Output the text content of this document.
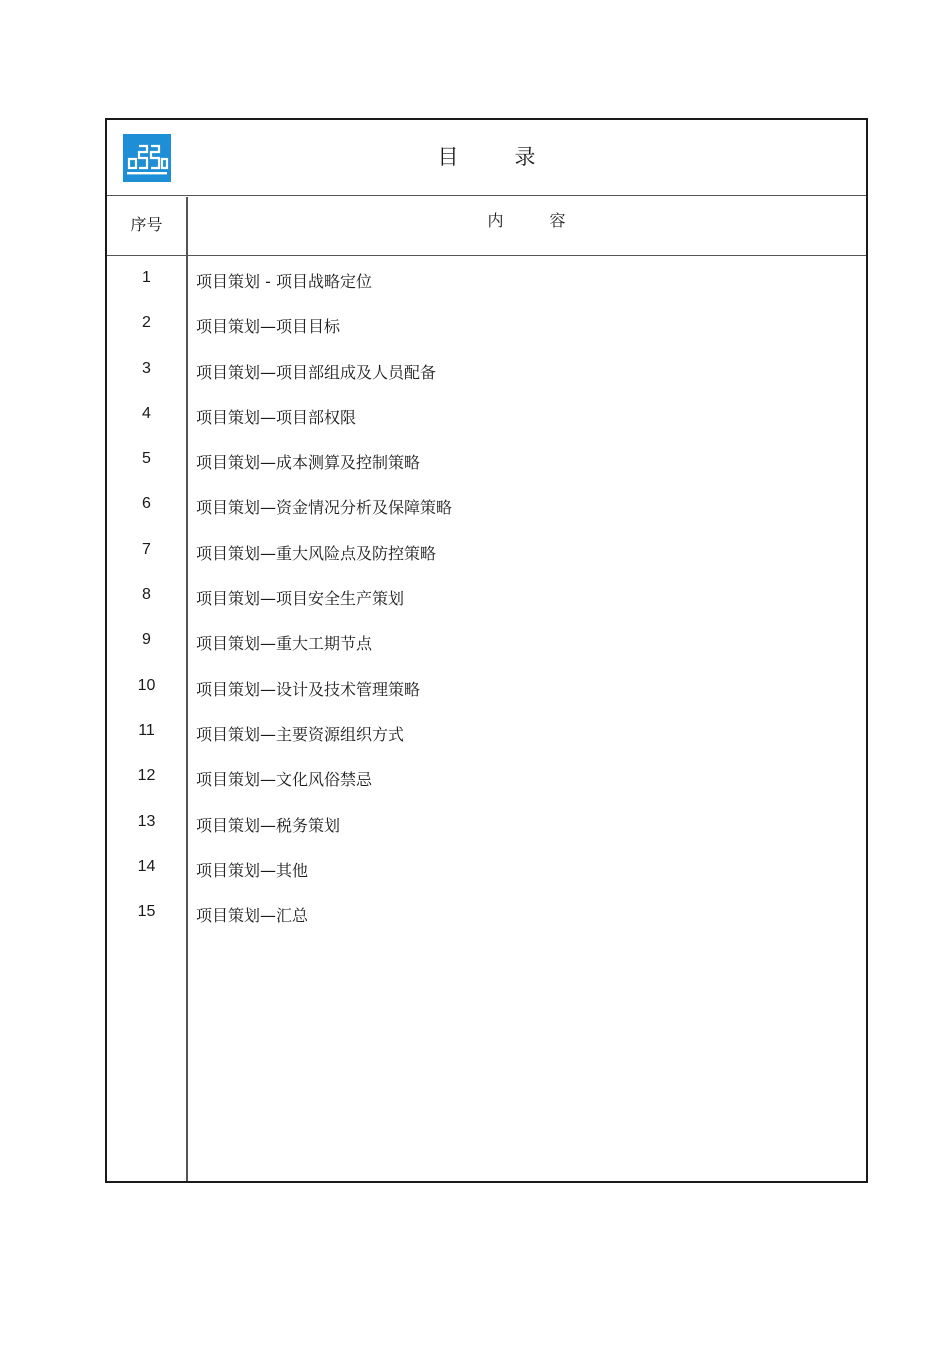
目录
序号	内容
1	项目策划 - 项目战略定位
2	项目策划—项目目标
3	项目策划—项目部组成及人员配备
4	项目策划—项目部权限
5	项目策划—成本测算及控制策略
6	项目策划—资金情况分析及保障策略
7	项目策划—重大风险点及防控策略
8	项目策划—项目安全生产策划
9	项目策划—重大工期节点
10	项目策划—设计及技术管理策略
11	项目策划—主要资源组织方式
12	项目策划—文化风俗禁忌
13	项目策划—税务策划
14	项目策划—其他
15	项目策划—汇总
